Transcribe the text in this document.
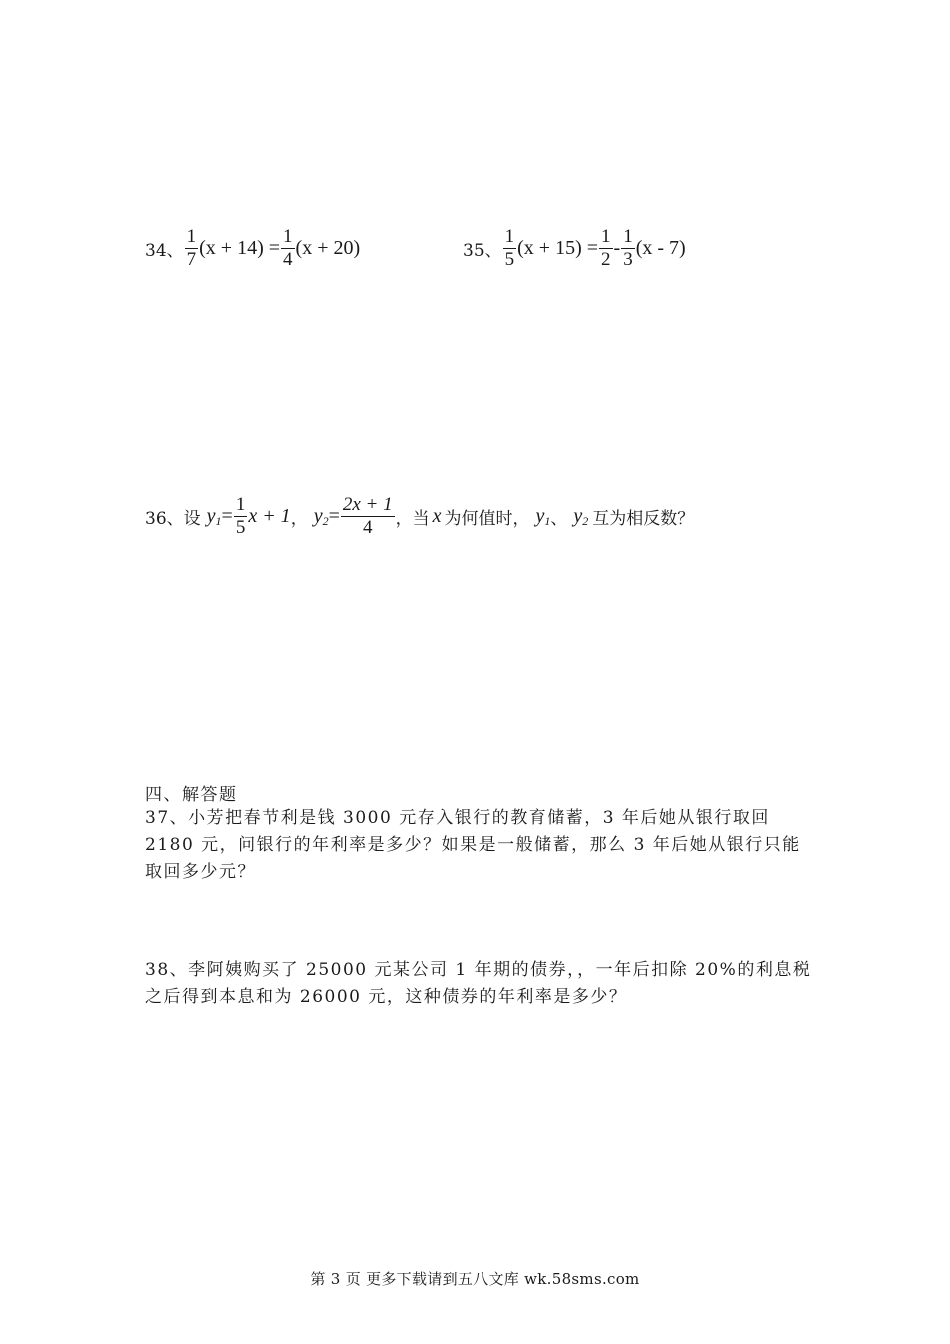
34、 $\frac{1}{7} (x + 14) = \frac{1}{4} (x + 20)$	35、 $\frac{1}{5} (x + 15) = \frac{1}{2} - \frac{1}{3} (x - 7)$
36、 设 $y_1 = \frac{1}{5}$ x + 1 ， $y_2 = \frac{2x + 1}{4}$ ，当 x 为何值时， $y_1$ 、 $y_2$ 互为相反数？
四、解答题
37、小芳把春节利是钱 3000 元存入银行的教育储蓄，3 年后她从银行取回 2180 元，问银行的年利率是多少？如果是一般储蓄，那么 3 年后她从银行只能取回多少元？
38、李阿姨购买了 25000 元某公司 1 年期的债券，，一年后扣除 20%的利息税之后得到本息和为 26000 元，这种债券的年利率是多少？
第 3 页 更多下载请到五八文库 wk.58sms.com
